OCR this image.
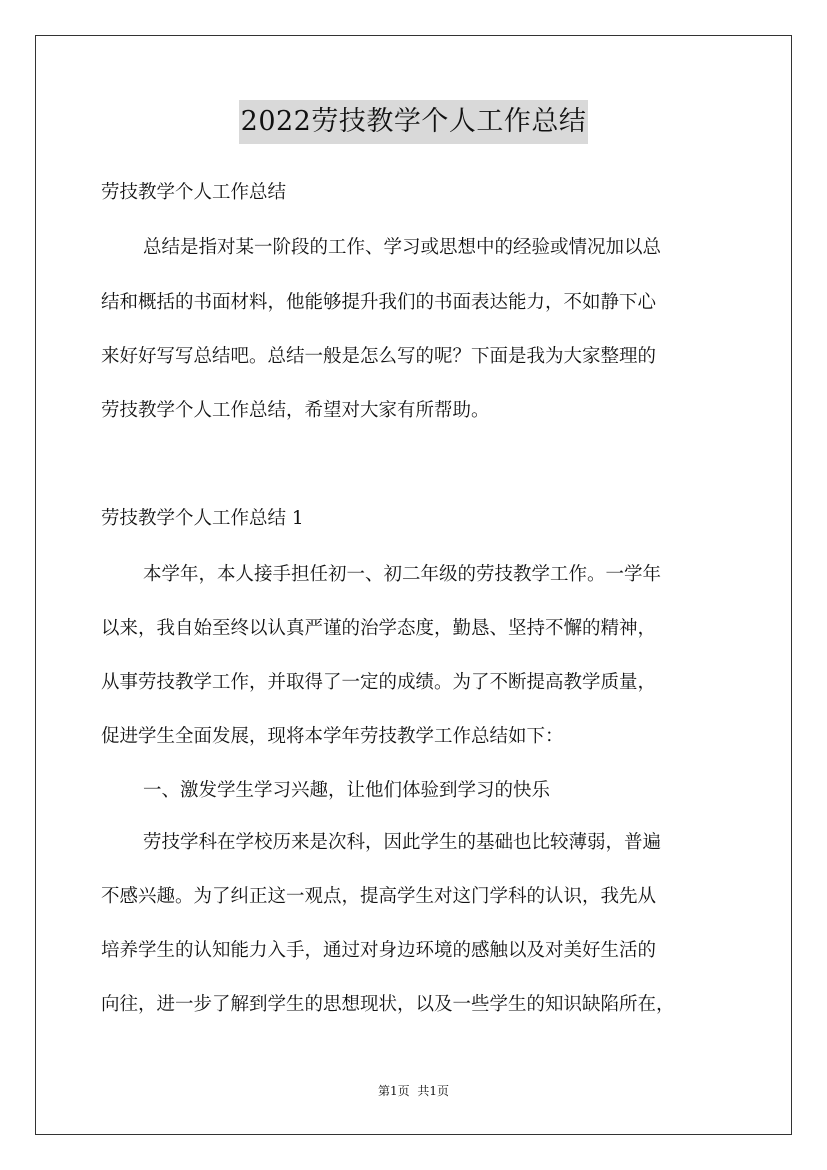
2022劳技教学个人工作总结

劳技教学个人工作总结

总结是指对某一阶段的工作、学习或思想中的经验或情况加以总

结和概括的书面材料，他能够提升我们的书面表达能力，不如静下心

来好好写写总结吧。总结一般是怎么写的呢？下面是我为大家整理的

劳技教学个人工作总结，希望对大家有所帮助。

劳技教学个人工作总结 1

本学年，本人接手担任初一、初二年级的劳技教学工作。一学年

以来，我自始至终以认真严谨的治学态度，勤恳、坚持不懈的精神，

从事劳技教学工作，并取得了一定的成绩。为了不断提高教学质量，

促进学生全面发展，现将本学年劳技教学工作总结如下：

一、激发学生学习兴趣，让他们体验到学习的快乐

劳技学科在学校历来是次科，因此学生的基础也比较薄弱，普遍

不感兴趣。为了纠正这一观点，提高学生对这门学科的认识，我先从

培养学生的认知能力入手，通过对身边环境的感触以及对美好生活的

向往，进一步了解到学生的思想现状，以及一些学生的知识缺陷所在，

第1页 共1页
